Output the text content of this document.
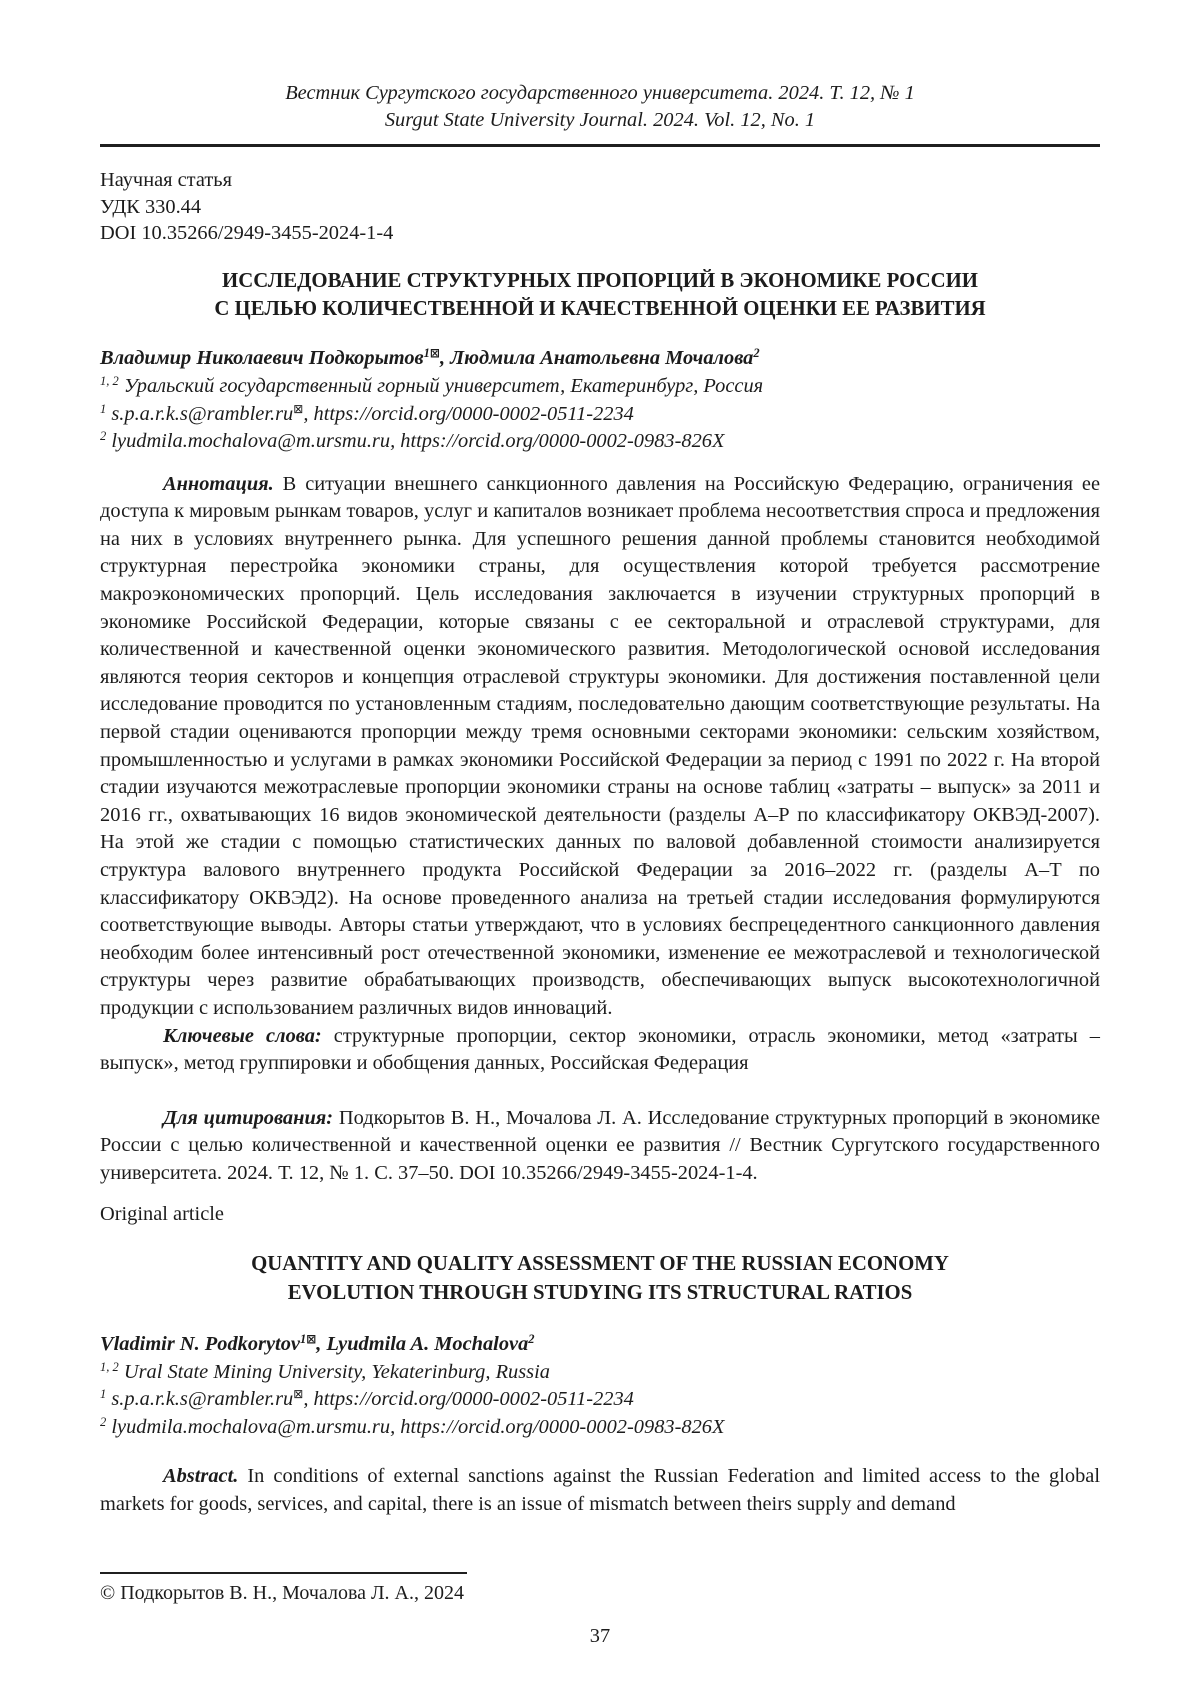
Вестник Сургутского государственного университета. 2024. Т. 12, № 1
Surgut State University Journal. 2024. Vol. 12, No. 1
Научная статья
УДК 330.44
DOI 10.35266/2949-3455-2024-1-4
ИССЛЕДОВАНИЕ СТРУКТУРНЫХ ПРОПОРЦИЙ В ЭКОНОМИКЕ РОССИИ
С ЦЕЛЬЮ КОЛИЧЕСТВЕННОЙ И КАЧЕСТВЕННОЙ ОЦЕНКИ ЕЕ РАЗВИТИЯ
Владимир Николаевич Подкорытов$^{1⊠}$, Людмила Анатольевна Мочалова$^2$
$^{1, 2}$ Уральский государственный горный университет, Екатеринбург, Россия
$^1$ s.p.a.r.k.s@rambler.ru⊠, https://orcid.org/0000-0002-0511-2234
$^2$ lyudmila.mochalova@m.ursmu.ru, https://orcid.org/0000-0002-0983-826X

Аннотация. В ситуации внешнего санкционного давления на Российскую Федерацию, ограничения ее доступа к мировым рынкам товаров, услуг и капиталов возникает проблема несоответствия спроса и предложения на них в условиях внутреннего рынка. Для успешного решения данной проблемы становится необходимой структурная перестройка экономики страны, для осуществления которой требуется рассмотрение макроэкономических пропорций. Цель исследования заключается в изучении структурных пропорций в экономике Российской Федерации, которые связаны с ее секторальной и отраслевой структурами, для количественной и качественной оценки экономического развития. Методологической основой исследования являются теория секторов и концепция отраслевой структуры экономики. Для достижения поставленной цели исследование проводится по установленным стадиям, последовательно дающим соответствующие результаты. На первой стадии оцениваются пропорции между тремя основными секторами экономики: сельским хозяйством, промышленностью и услугами в рамках экономики Российской Федерации за период с 1991 по 2022 г. На второй стадии изучаются межотраслевые пропорции экономики страны на основе таблиц «затраты – выпуск» за 2011 и 2016 гг., охватывающих 16 видов экономической деятельности (разделы А–Р по классификатору ОКВЭД-2007). На этой же стадии с помощью статистических данных по валовой добавленной стоимости анализируется структура валового внутреннего продукта Российской Федерации за 2016–2022 гг. (разделы А–Т по классификатору ОКВЭД2). На основе проведенного анализа на третьей стадии исследования формулируются соответствующие выводы. Авторы статьи утверждают, что в условиях беспрецедентного санкционного давления необходим более интенсивный рост отечественной экономики, изменение ее межотраслевой и технологической структуры через развитие обрабатывающих производств, обеспечивающих выпуск высокотехнологичной продукции с использованием различных видов инноваций.

Ключевые слова: структурные пропорции, сектор экономики, отрасль экономики, метод «затраты – выпуск», метод группировки и обобщения данных, Российская Федерация

Для цитирования: Подкорытов В. Н., Мочалова Л. А. Исследование структурных пропорций в экономике России с целью количественной и качественной оценки ее развития // Вестник Сургутского государственного университета. 2024. Т. 12, № 1. С. 37–50. DOI 10.35266/2949-3455-2024-1-4.

Original article
QUANTITY AND QUALITY ASSESSMENT OF THE RUSSIAN ECONOMY
EVOLUTION THROUGH STUDYING ITS STRUCTURAL RATIOS
Vladimir N. Podkorytov$^{1⊠}$, Lyudmila A. Mochalova$^2$
$^{1, 2}$ Ural State Mining University, Yekaterinburg, Russia
$^1$ s.p.a.r.k.s@rambler.ru⊠, https://orcid.org/0000-0002-0511-2234
$^2$ lyudmila.mochalova@m.ursmu.ru, https://orcid.org/0000-0002-0983-826X

Abstract. In conditions of external sanctions against the Russian Federation and limited access to the global markets for goods, services, and capital, there is an issue of mismatch between theirs supply and demand

© Подкорытов В. Н., Мочалова Л. А., 2024
37
